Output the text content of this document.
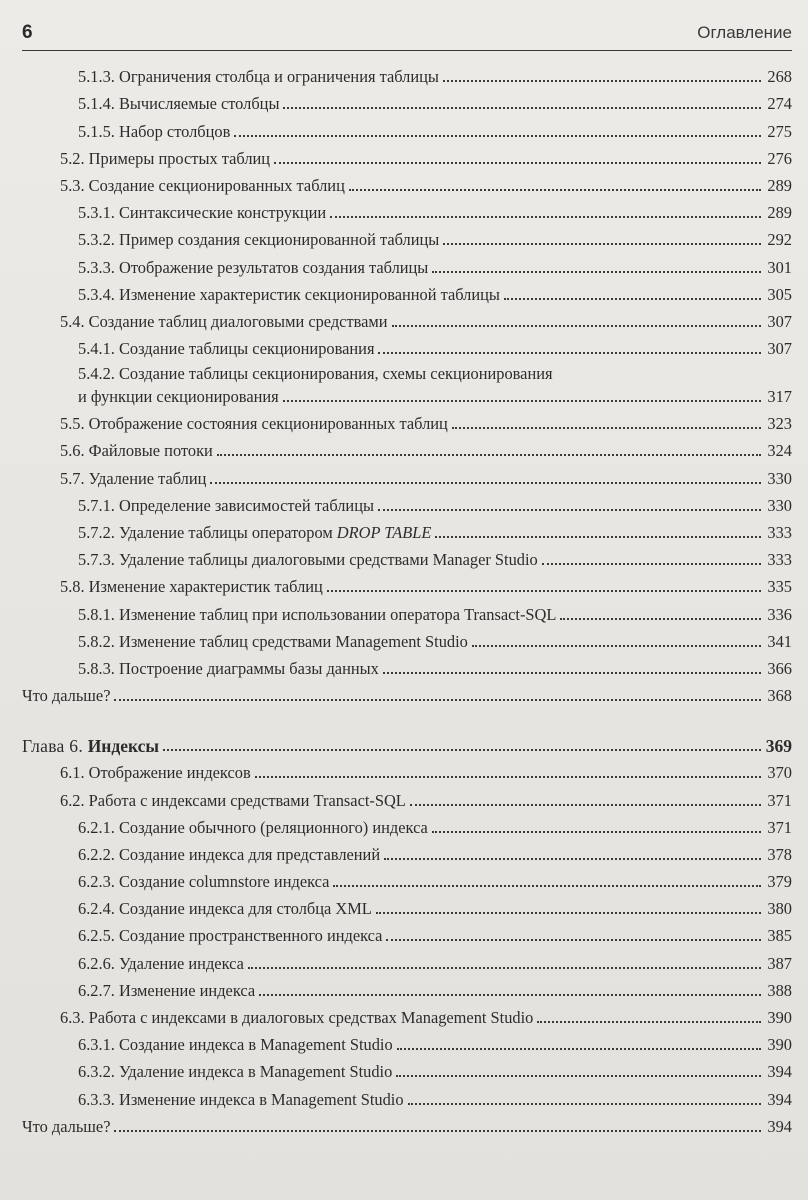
6	Оглавление
5.1.3. Ограничения столбца и ограничения таблицы	268
5.1.4. Вычисляемые столбцы	274
5.1.5. Набор столбцов	275
5.2. Примеры простых таблиц	276
5.3. Создание секционированных таблиц	289
5.3.1. Синтаксические конструкции	289
5.3.2. Пример создания секционированной таблицы	292
5.3.3. Отображение результатов создания таблицы	301
5.3.4. Изменение характеристик секционированной таблицы	305
5.4. Создание таблиц диалоговыми средствами	307
5.4.1. Создание таблицы секционирования	307
5.4.2. Создание таблицы секционирования, схемы секционирования
и функции секционирования	317
5.5. Отображение состояния секционированных таблиц	323
5.6. Файловые потоки	324
5.7. Удаление таблиц	330
5.7.1. Определение зависимостей таблицы	330
5.7.2. Удаление таблицы оператором DROP TABLE	333
5.7.3. Удаление таблицы диалоговыми средствами Manager Studio	333
5.8. Изменение характеристик таблиц	335
5.8.1. Изменение таблиц при использовании оператора Transact-SQL	336
5.8.2. Изменение таблиц средствами Management Studio	341
5.8.3. Построение диаграммы базы данных	366
Что дальше?	368
Глава 6. Индексы	369
6.1. Отображение индексов	370
6.2. Работа с индексами средствами Transact-SQL	371
6.2.1. Создание обычного (реляционного) индекса	371
6.2.2. Создание индекса для представлений	378
6.2.3. Создание columnstore индекса	379
6.2.4. Создание индекса для столбца XML	380
6.2.5. Создание пространственного индекса	385
6.2.6. Удаление индекса	387
6.2.7. Изменение индекса	388
6.3. Работа с индексами в диалоговых средствах Management Studio	390
6.3.1. Создание индекса в Management Studio	390
6.3.2. Удаление индекса в Management Studio	394
6.3.3. Изменение индекса в Management Studio	394
Что дальше?	394
